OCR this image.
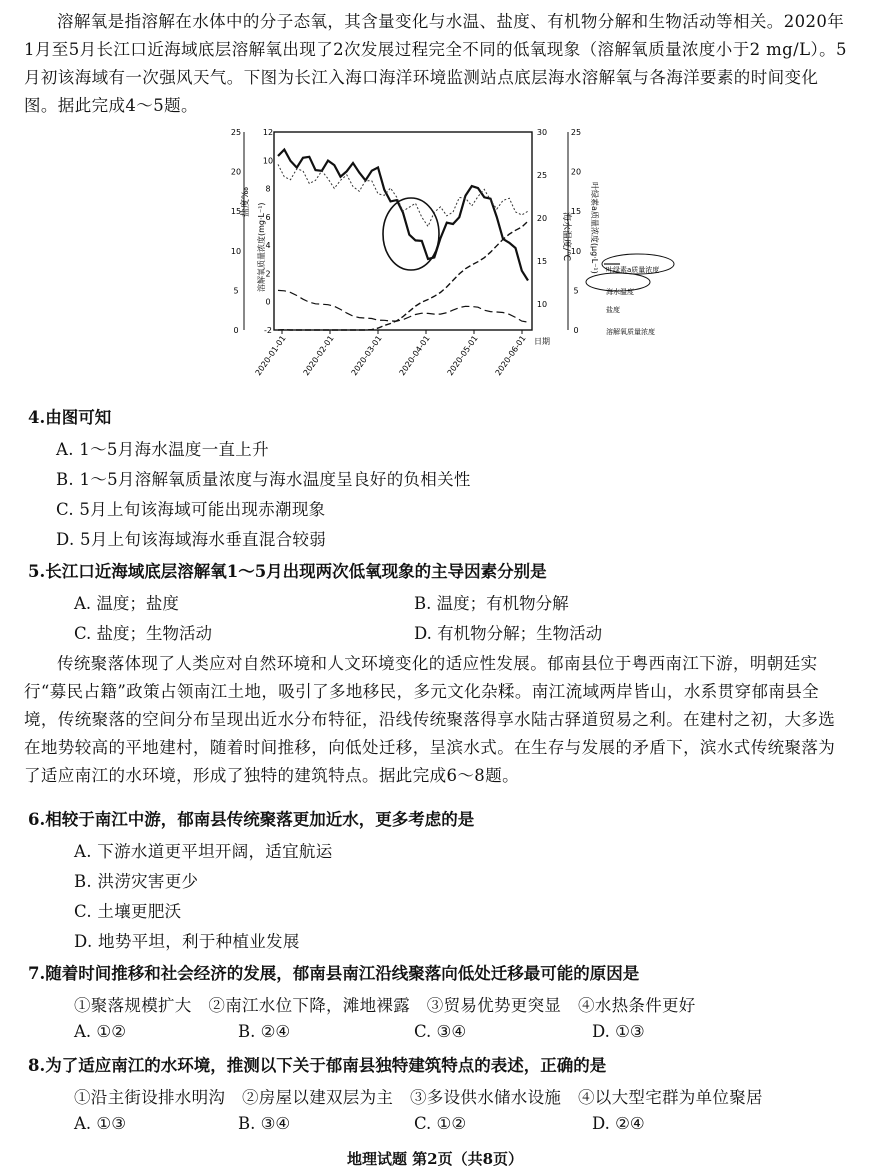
溶解氧是指溶解在水体中的分子态氧，其含量变化与水温、盐度、有机物分解和生物活动等相关。2020年1月至5月长江口近海域底层溶解氧出现了2次发展过程完全不同的低氧现象（溶解氧质量浓度小于2 mg/L）。5月初该海域有一次强风天气。下图为长江入海口海洋环境监测站点底层海水溶解氧与各海洋要素的时间变化图。据此完成4～5题。
盐度‰
溶解氧质量浓度(mg·L⁻¹)	海水温度/℃ 叶绿素a质量浓度(μg·L⁻¹)
25
20
15
10
5
0
12
10
8
6
4
2
0
-2
30
25
20
15
10
25
20
15
10
5
0
2020-01-01 2020-02-01 2020-03-01 2020-04-01 2020-05-01 2020-06-01 日期
叶绿素a质量浓度
海水温度
盐度
溶解氧质量浓度
4.由图可知
A. 1～5月海水温度一直上升
B. 1～5月溶解氧质量浓度与海水温度呈良好的负相关性
C. 5月上旬该海域可能出现赤潮现象
D. 5月上旬该海域海水垂直混合较弱
5.长江口近海域底层溶解氧1～5月出现两次低氧现象的主导因素分别是
A. 温度；盐度	B. 温度；有机物分解
C. 盐度；生物活动	D. 有机物分解；生物活动
传统聚落体现了人类应对自然环境和人文环境变化的适应性发展。郁南县位于粤西南江下游，明朝廷实行“募民占籍”政策占领南江土地，吸引了多地移民，多元文化杂糅。南江流域两岸皆山，水系贯穿郁南县全境，传统聚落的空间分布呈现出近水分布特征，沿线传统聚落得享水陆古驿道贸易之利。在建村之初，大多选在地势较高的平地建村，随着时间推移，向低处迁移，呈滨水式。在生存与发展的矛盾下，滨水式传统聚落为了适应南江的水环境，形成了独特的建筑特点。据此完成6～8题。
6.相较于南江中游，郁南县传统聚落更加近水，更多考虑的是
A. 下游水道更平坦开阔，适宜航运
B. 洪涝灾害更少
C. 土壤更肥沃
D. 地势平坦，利于种植业发展
7.随着时间推移和社会经济的发展，郁南县南江沿线聚落向低处迁移最可能的原因是
①聚落规模扩大　②南江水位下降，滩地裸露　③贸易优势更突显　④水热条件更好
A. ①②	B. ②④	C. ③④	D. ①③
8.为了适应南江的水环境，推测以下关于郁南县独特建筑特点的表述，正确的是
①沿主街设排水明沟　②房屋以建双层为主　③多设供水储水设施　④以大型宅群为单位聚居
A. ①③	B. ③④	C. ①②	D. ②④
地理试题 第2页（共8页）
